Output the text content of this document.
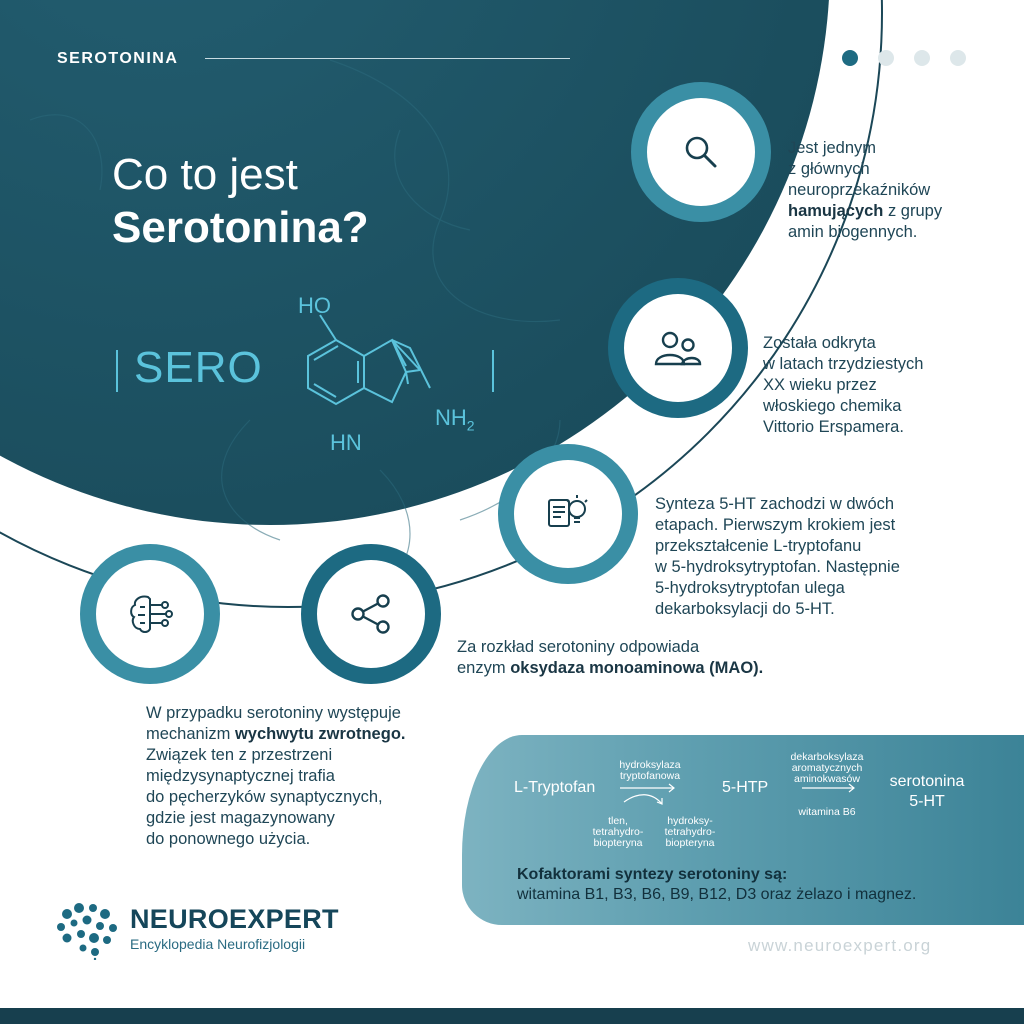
SEROTONINA
Co to jest
Serotonina?
SERO
HO
HN
$NH_2$
Jest jednym
z głównych
neuroprzekaźników
hamujących z grupy
amin biogennych.
Została odkryta
w latach trzydziestych
XX wieku przez
włoskiego chemika
Vittorio Erspamera.
Synteza 5-HT zachodzi w dwóch
etapach. Pierwszym krokiem jest
przekształcenie L-tryptofanu
w 5-hydroksytryptofan. Następnie
5-hydroksytryptofan ulega
dekarboksylacji do 5-HT.
Za rozkład serotoniny odpowiada
enzym oksydaza monoaminowa (MAO).
W przypadku serotoniny występuje
mechanizm wychwytu zwrotnego.
Związek ten z przestrzeni
międzysynaptycznej trafia
do pęcherzyków synaptycznych,
gdzie jest magazynowany
do ponownego użycia.
L-Tryptofan
hydroksylaza
tryptofanowa
tlen,
tetrahydro-
biopteryna
hydroksy-
tetrahydro-
biopteryna
5-HTP
dekarboksylaza
aromatycznych
aminokwasów
witamina B6
serotonina
5-HT
Kofaktorami syntezy serotoniny są:
witamina B1, B3, B6, B9, B12, D3 oraz żelazo i magnez.
NEUROEXPERT
Encyklopedia Neurofizjologii	www.neuroexpert.org
